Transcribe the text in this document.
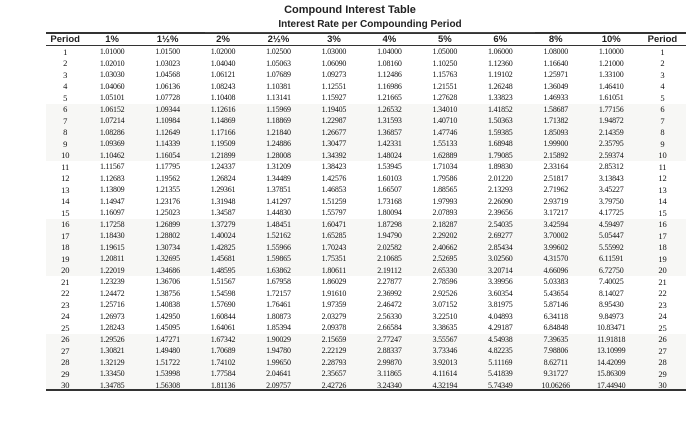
Compound Interest Table
Interest Rate per Compounding Period
Period	1%	1½%	2%	2½%	3%	4%	5%	6%	8%	10%	Period
1	1.01000	1.01500	1.02000	1.02500	1.03000	1.04000	1.05000	1.06000	1.08000	1.10000	1
2	1.02010	1.03023	1.04040	1.05063	1.06090	1.08160	1.10250	1.12360	1.16640	1.21000	2
3	1.03030	1.04568	1.06121	1.07689	1.09273	1.12486	1.15763	1.19102	1.25971	1.33100	3
4	1.04060	1.06136	1.08243	1.10381	1.12551	1.16986	1.21551	1.26248	1.36049	1.46410	4
5	1.05101	1.07728	1.10408	1.13141	1.15927	1.21665	1.27628	1.33823	1.46933	1.61051	5
6	1.06152	1.09344	1.12616	1.15969	1.19405	1.26532	1.34010	1.41852	1.58687	1.77156	6
7	1.07214	1.10984	1.14869	1.18869	1.22987	1.31593	1.40710	1.50363	1.71382	1.94872	7
8	1.08286	1.12649	1.17166	1.21840	1.26677	1.36857	1.47746	1.59385	1.85093	2.14359	8
9	1.09369	1.14339	1.19509	1.24886	1.30477	1.42331	1.55133	1.68948	1.99900	2.35795	9
10	1.10462	1.16054	1.21899	1.28008	1.34392	1.48024	1.62889	1.79085	2.15892	2.59374	10
11	1.11567	1.17795	1.24337	1.31209	1.38423	1.53945	1.71034	1.89830	2.33164	2.85312	11
12	1.12683	1.19562	1.26824	1.34489	1.42576	1.60103	1.79586	2.01220	2.51817	3.13843	12
13	1.13809	1.21355	1.29361	1.37851	1.46853	1.66507	1.88565	2.13293	2.71962	3.45227	13
14	1.14947	1.23176	1.31948	1.41297	1.51259	1.73168	1.97993	2.26090	2.93719	3.79750	14
15	1.16097	1.25023	1.34587	1.44830	1.55797	1.80094	2.07893	2.39656	3.17217	4.17725	15
16	1.17258	1.26899	1.37279	1.48451	1.60471	1.87298	2.18287	2.54035	3.42594	4.59497	16
17	1.18430	1.28802	1.40024	1.52162	1.65285	1.94790	2.29202	2.69277	3.70002	5.05447	17
18	1.19615	1.30734	1.42825	1.55966	1.70243	2.02582	2.40662	2.85434	3.99602	5.55992	18
19	1.20811	1.32695	1.45681	1.59865	1.75351	2.10685	2.52695	3.02560	4.31570	6.11591	19
20	1.22019	1.34686	1.48595	1.63862	1.80611	2.19112	2.65330	3.20714	4.66096	6.72750	20
21	1.23239	1.36706	1.51567	1.67958	1.86029	2.27877	2.78596	3.39956	5.03383	7.40025	21
22	1.24472	1.38756	1.54598	1.72157	1.91610	2.36992	2.92526	3.60354	5.43654	8.14027	22
23	1.25716	1.40838	1.57690	1.76461	1.97359	2.46472	3.07152	3.81975	5.87146	8.95430	23
24	1.26973	1.42950	1.60844	1.80873	2.03279	2.56330	3.22510	4.04893	6.34118	9.84973	24
25	1.28243	1.45095	1.64061	1.85394	2.09378	2.66584	3.38635	4.29187	6.84848	10.83471	25
26	1.29526	1.47271	1.67342	1.90029	2.15659	2.77247	3.55567	4.54938	7.39635	11.91818	26
27	1.30821	1.49480	1.70689	1.94780	2.22129	2.88337	3.73346	4.82235	7.98806	13.10999	27
28	1.32129	1.51722	1.74102	1.99650	2.28793	2.99870	3.92013	5.11169	8.62711	14.42099	28
29	1.33450	1.53998	1.77584	2.04641	2.35657	3.11865	4.11614	5.41839	9.31727	15.86309	29
30	1.34785	1.56308	1.81136	2.09757	2.42726	3.24340	4.32194	5.74349	10.06266	17.44940	30
